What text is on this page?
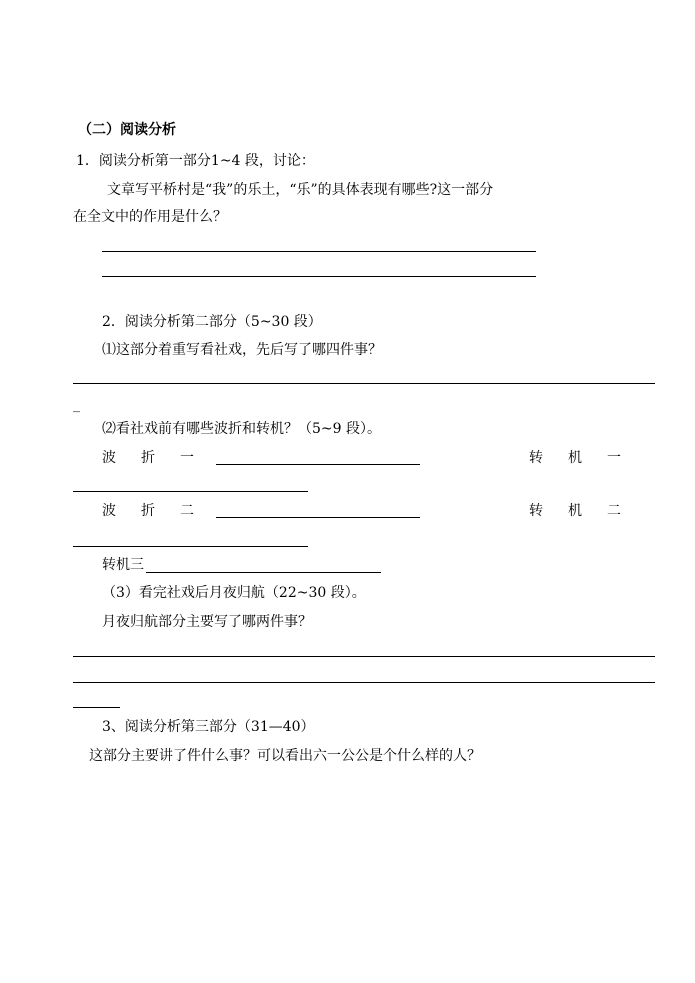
（二）阅读分析
1．阅读分析第一部分1~4 段，讨论：
文章写平桥村是“我”的乐土，“乐”的具体表现有哪些?这一部分
在全文中的作用是什么？
2．阅读分析第二部分（5~30 段）
⑴这部分着重写看社戏，先后写了哪四件事？
_
⑵看社戏前有哪些波折和转机？（5~9 段）。
波 折 一	转 机 一
波 折 二	转 机 二
转机三
（3）看完社戏后月夜归航（22~30 段）。
月夜归航部分主要写了哪两件事？
3、阅读分析第三部分（31—40）
这部分主要讲了件什么事？可以看出六一公公是个什么样的人？
